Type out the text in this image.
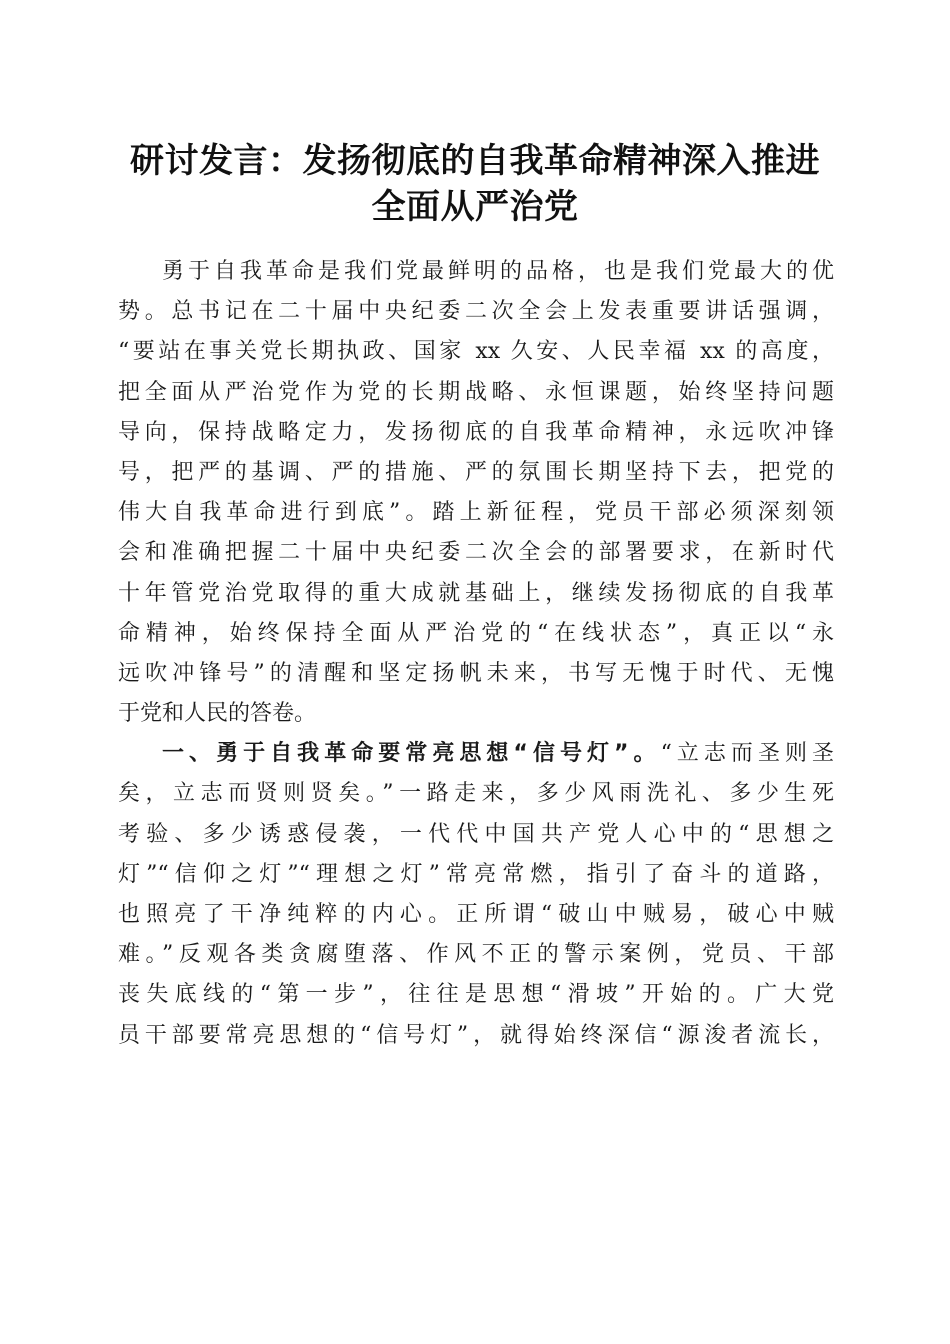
研讨发言：发扬彻底的自我革命精神深入推进
全面从严治党
勇于自我革命是我们党最鲜明的品格，也是我们党最大的优
势。总书记在二十届中央纪委二次全会上发表重要讲话强调，
“要站在事关党长期执政、国家 xx 久安、人民幸福 xx 的高度，
把全面从严治党作为党的长期战略、永恒课题，始终坚持问题
导向，保持战略定力，发扬彻底的自我革命精神，永远吹冲锋
号，把严的基调、严的措施、严的氛围长期坚持下去，把党的
伟大自我革命进行到底”。踏上新征程，党员干部必须深刻领
会和准确把握二十届中央纪委二次全会的部署要求，在新时代
十年管党治党取得的重大成就基础上，继续发扬彻底的自我革
命精神，始终保持全面从严治党的“在线状态”，真正以“永
远吹冲锋号”的清醒和坚定扬帆未来，书写无愧于时代、无愧
于党和人民的答卷。
一、勇于自我革命要常亮思想“信号灯”。“立志而圣则圣
矣，立志而贤则贤矣。”一路走来，多少风雨洗礼、多少生死
考验、多少诱惑侵袭，一代代中国共产党人心中的“思想之
灯”“信仰之灯”“理想之灯”常亮常燃，指引了奋斗的道路，
也照亮了干净纯粹的内心。正所谓“破山中贼易，破心中贼
难。”反观各类贪腐堕落、作风不正的警示案例，党员、干部
丧失底线的“第一步”，往往是思想“滑坡”开始的。广大党
员干部要常亮思想的“信号灯”，就得始终深信“源浚者流长，
